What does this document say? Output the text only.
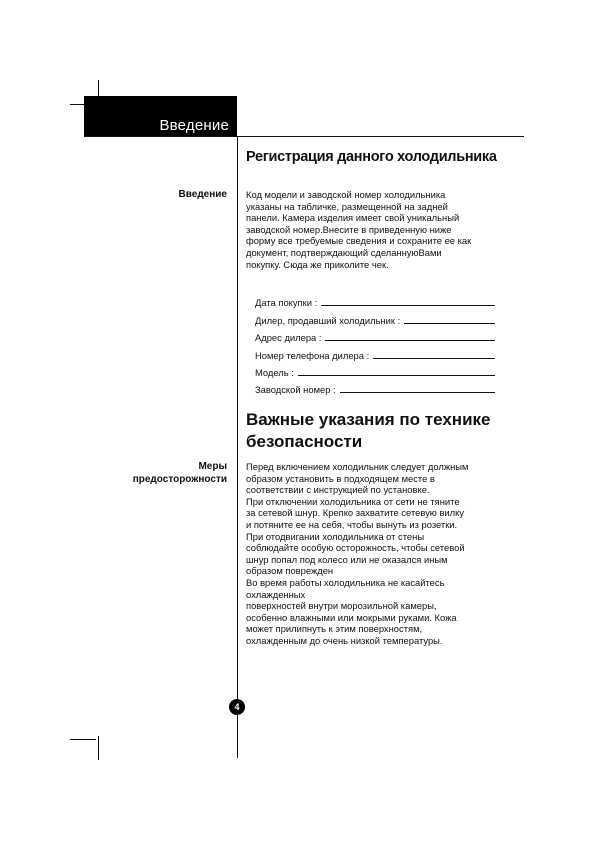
Введение
Регистрация данного холодильника
Введение Код модели и заводской номер холодильника
указаны на табличке, размещенной на задней
панели. Камера изделия имеет свой уникальный
заводской номер.Внесите в приведенную ниже
форму все требуемые сведения и сохраните ее как
документ, подтверждающий сделаннуюВами
покупку. Сюда же приколите чек.
Дата покупки :
Дилер, продавший холодильник :
Адрес дилера :
Номер телефона дилера :
Модель :
Заводской номер :
Важные указания по технике безопасности
Меры
предосторожности
Перед включением холодильник следует должным
образом установить в подходящем месте в
соответствии с инструкцией по установке.
При отключении холодильника от сети не тяните
за сетевой шнур. Крепко захватите сетевую вилку
и потяните ее на себя, чтобы вынуть из розетки.
При отодвигании холодильника от стены
соблюдайте особую осторожность, чтобы сетевой
шнур попал под колесо или не оказался иным
образом поврежден
Во время работы холодильника не касайтесь
охлажденных
поверхностей внутри морозильной камеры,
особенно влажными или мокрыми руками. Кожа
может прилипнуть к этим поверхностям,
охлажденным до очень низкой температуры.
4
